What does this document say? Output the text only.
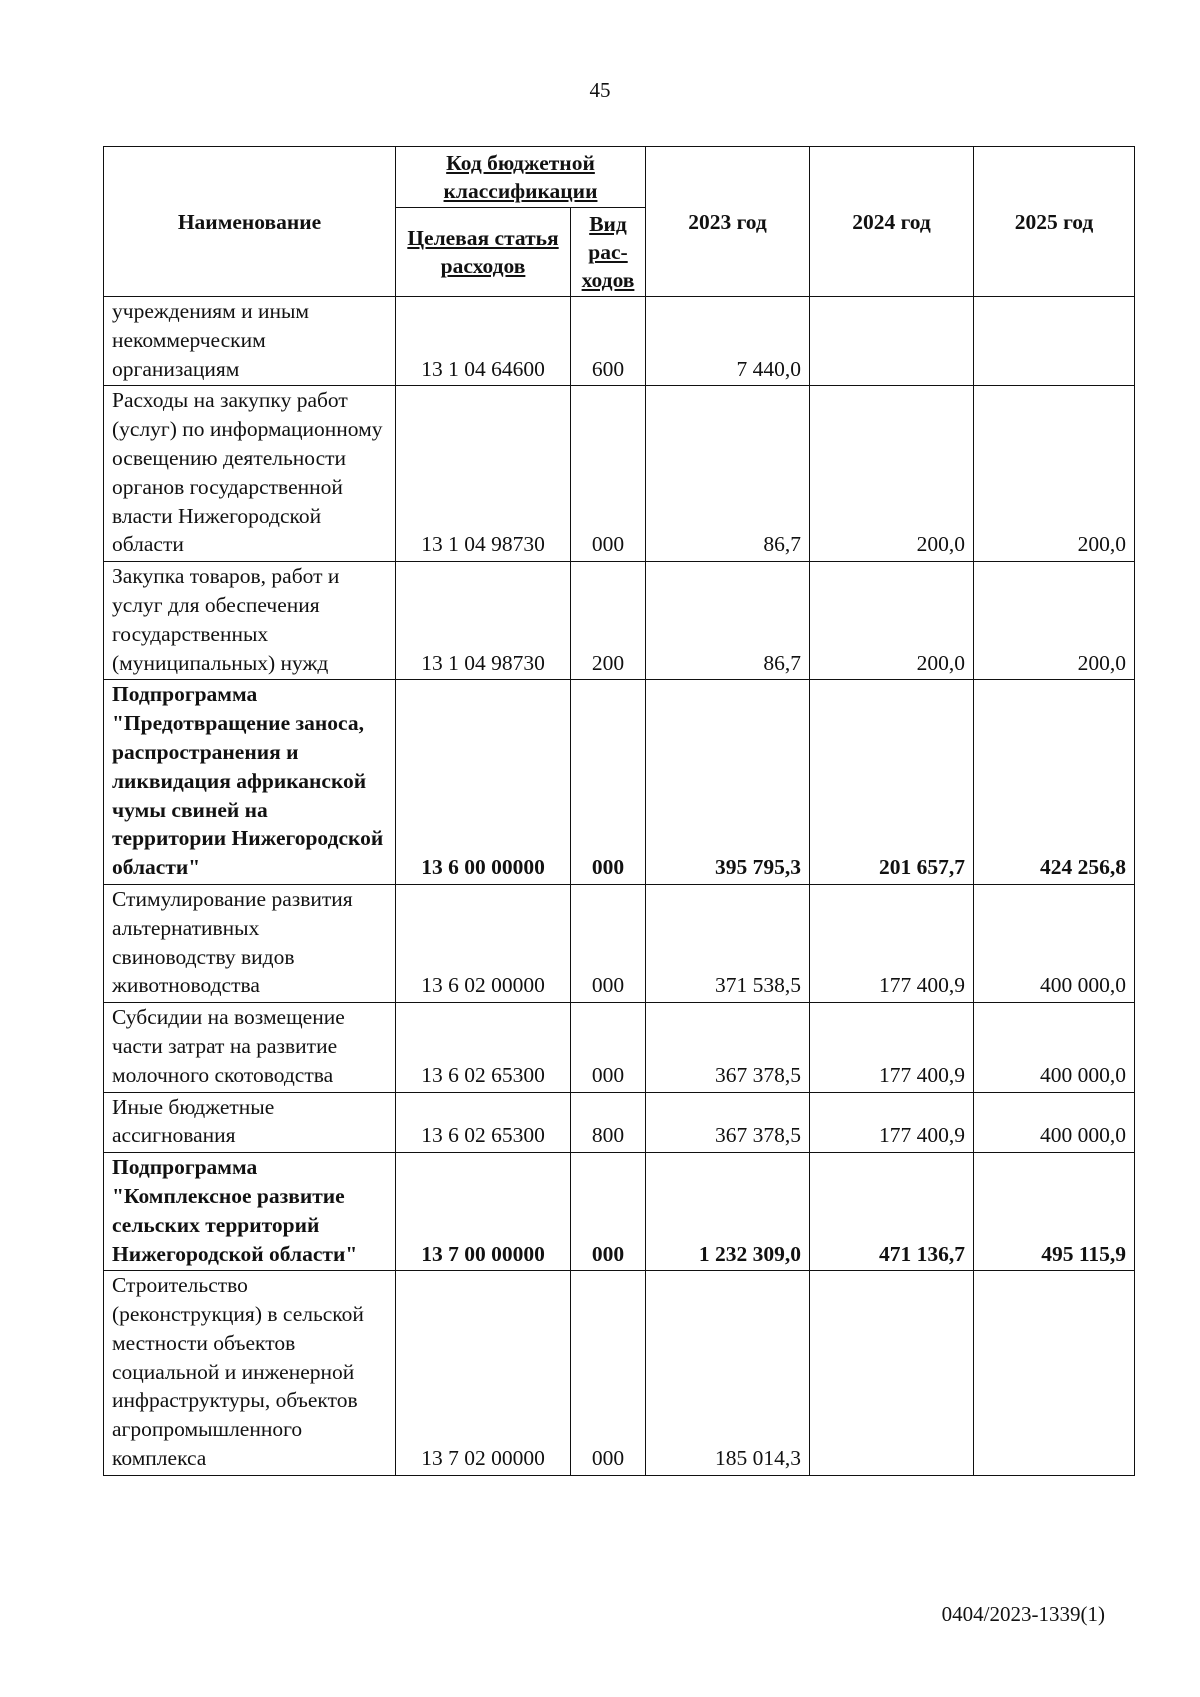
45
Наименование	Код бюджетной классификации		2023 год	2024 год	2025 год
	Целевая статья расходов	Вид рас-ходов			
учреждениям и иным некоммерческим организациям	13 1 04 64600	600	7 440,0		
Расходы на закупку работ (услуг) по информационному освещению деятельности органов государственной власти Нижегородской области	13 1 04 98730	000	86,7	200,0	200,0
Закупка товаров, работ и услуг для обеспечения государственных (муниципальных) нужд	13 1 04 98730	200	86,7	200,0	200,0
Подпрограмма "Предотвращение заноса, распространения и ликвидация африканской чумы свиней на территории Нижегородской области"	13 6 00 00000	000	395 795,3	201 657,7	424 256,8
Стимулирование развития альтернативных свиноводству видов животноводства	13 6 02 00000	000	371 538,5	177 400,9	400 000,0
Субсидии на возмещение части затрат на развитие молочного скотоводства	13 6 02 65300	000	367 378,5	177 400,9	400 000,0
Иные бюджетные ассигнования	13 6 02 65300	800	367 378,5	177 400,9	400 000,0
Подпрограмма "Комплексное развитие сельских территорий Нижегородской области"	13 7 00 00000	000	1 232 309,0	471 136,7	495 115,9
Строительство (реконструкция) в сельской местности объектов социальной и инженерной инфраструктуры, объектов агропромышленного комплекса	13 7 02 00000	000	185 014,3		
0404/2023-1339(1)
